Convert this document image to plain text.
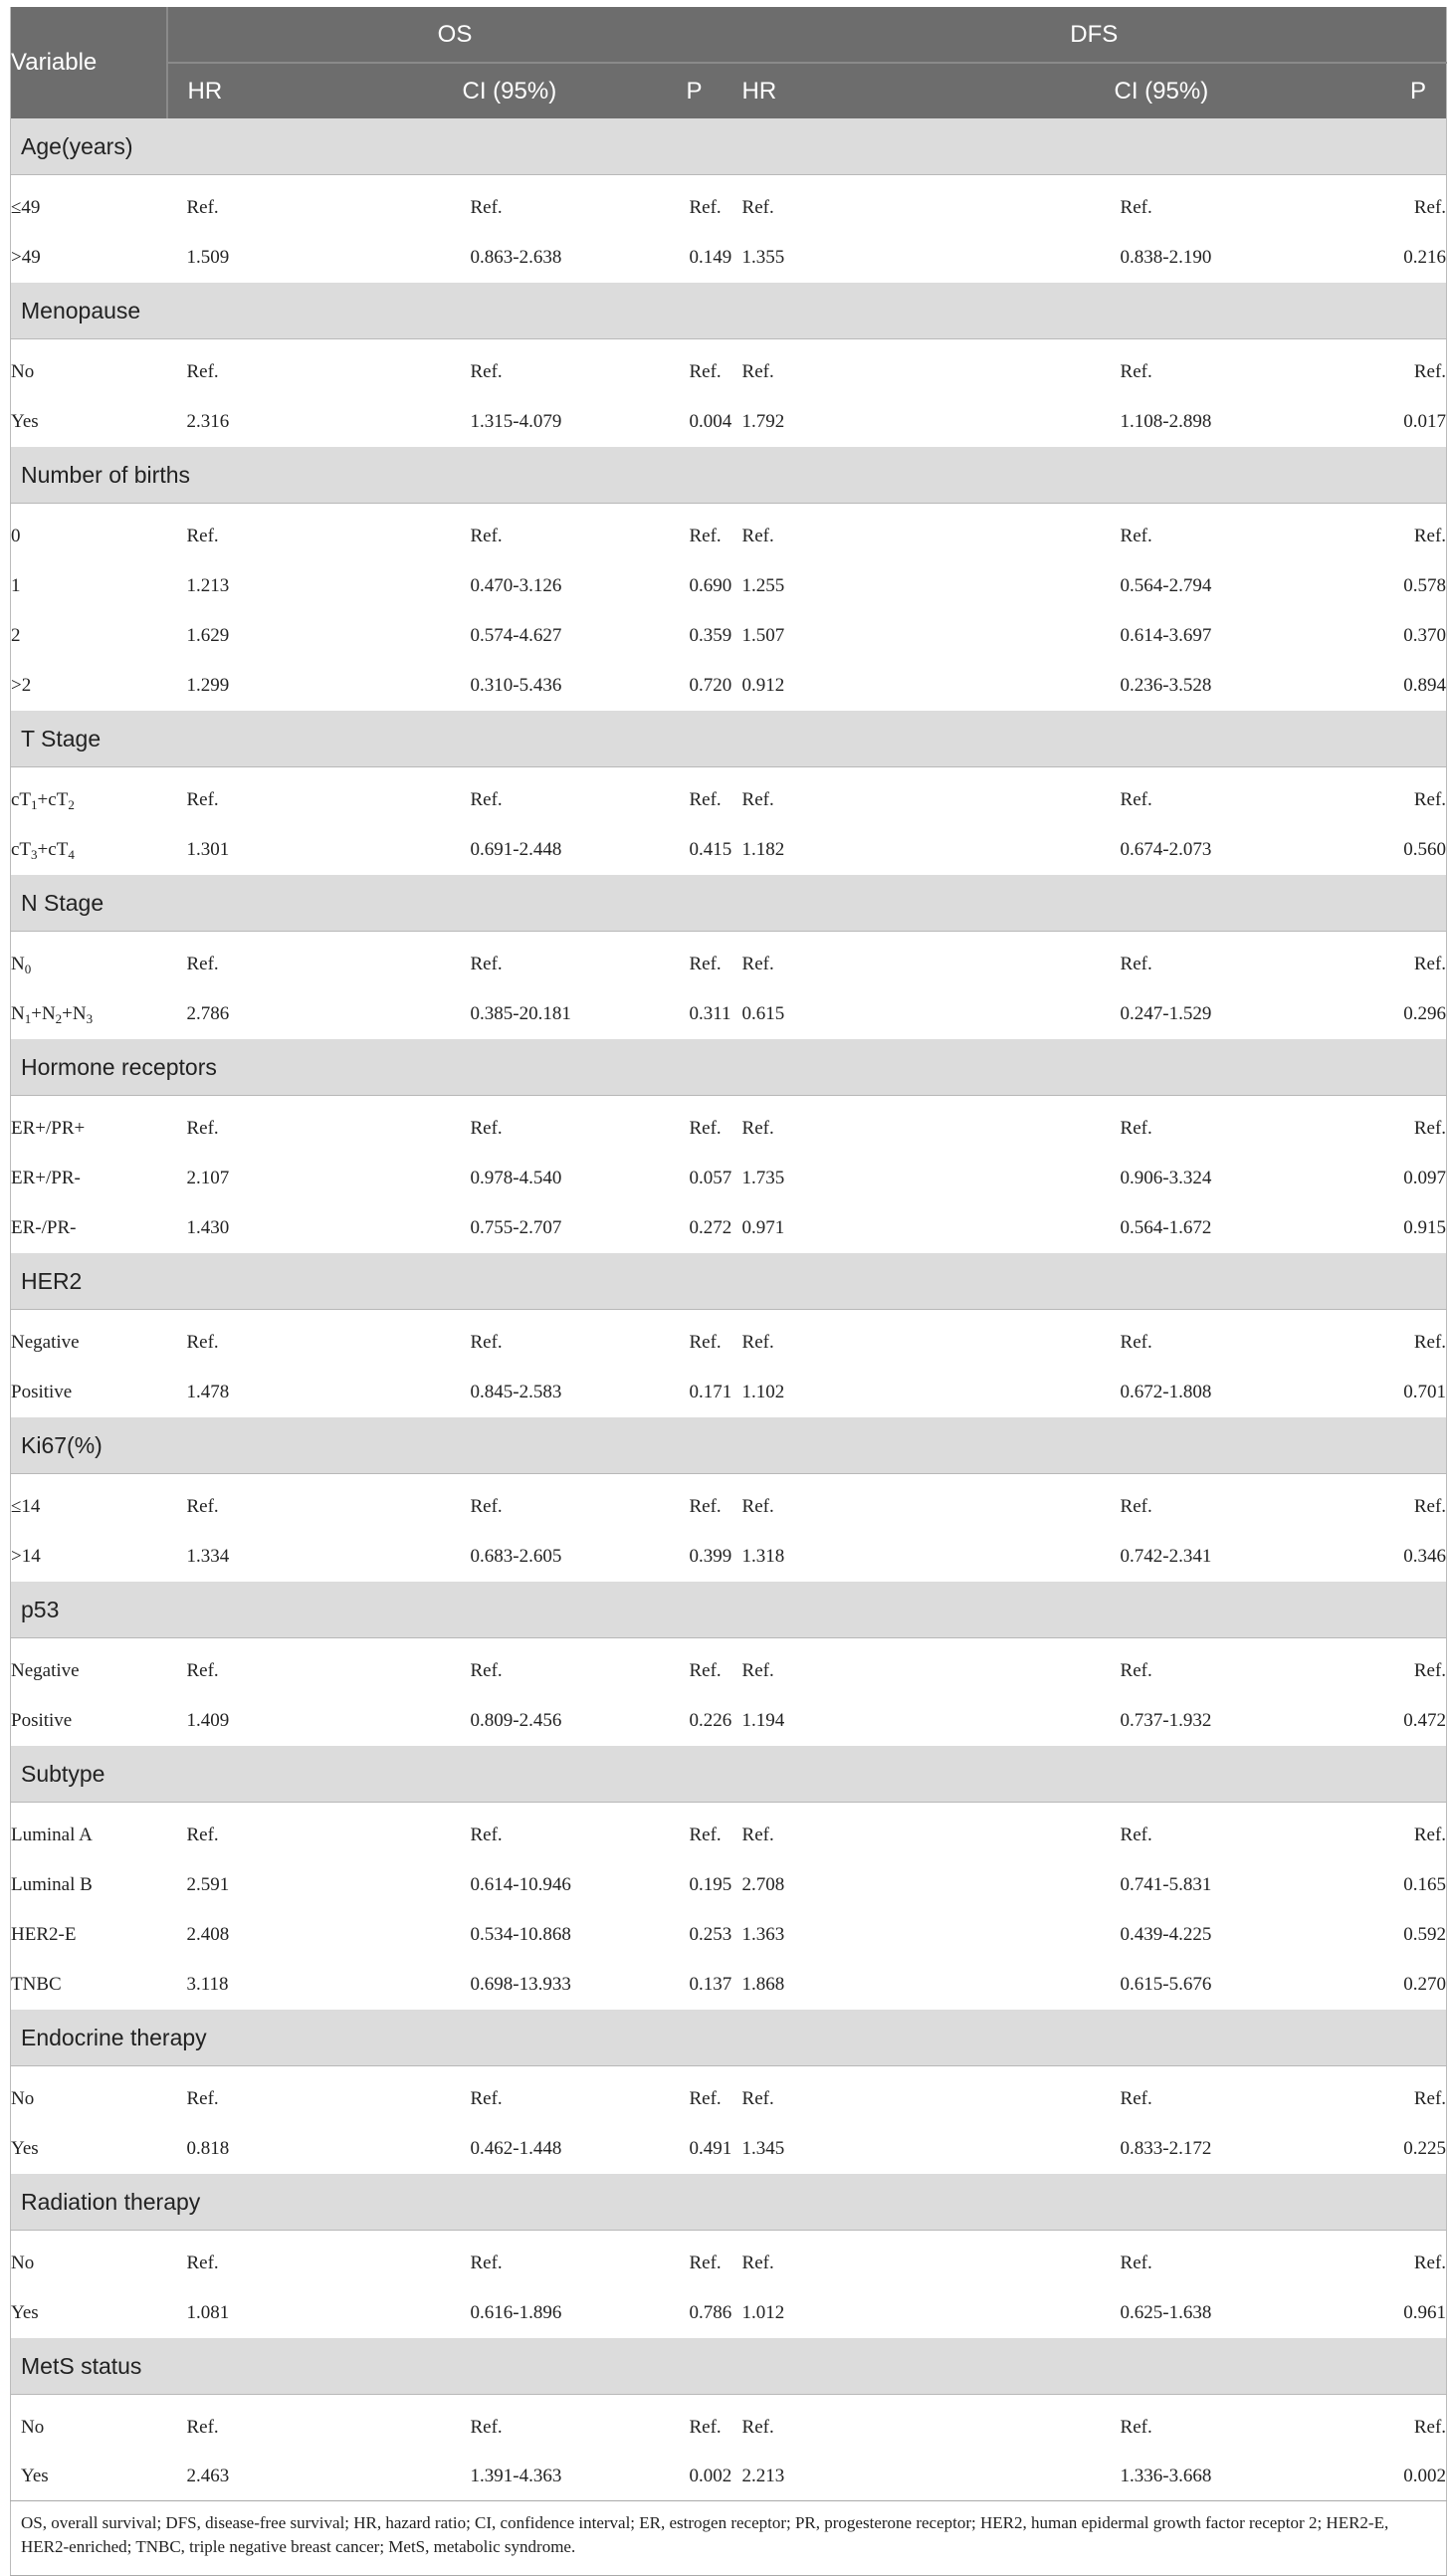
Variable	OS			DFS		
	HR	CI (95%)	P	HR	CI (95%)	P
Age(years)						

≤49	Ref.	Ref.	Ref.	Ref.	Ref.	Ref.
>49	1.509	0.863-2.638	0.149	1.355	0.838-2.190	0.216
Menopause						

No	Ref.	Ref.	Ref.	Ref.	Ref.	Ref.
Yes	2.316	1.315-4.079	0.004	1.792	1.108-2.898	0.017
Number of births						

0	Ref.	Ref.	Ref.	Ref.	Ref.	Ref.
1	1.213	0.470-3.126	0.690	1.255	0.564-2.794	0.578
2	1.629	0.574-4.627	0.359	1.507	0.614-3.697	0.370
>2	1.299	0.310-5.436	0.720	0.912	0.236-3.528	0.894
T Stage						

$cT_1+cT_2$	Ref.	Ref.	Ref.	Ref.	Ref.	Ref.
$cT_3+cT_4$	1.301	0.691-2.448	0.415	1.182	0.674-2.073	0.560
N Stage						

$N_0$	Ref.	Ref.	Ref.	Ref.	Ref.	Ref.
$N_1+N_2+N_3$	2.786	0.385-20.181	0.311	0.615	0.247-1.529	0.296
Hormone receptors						

ER+/PR+	Ref.	Ref.	Ref.	Ref.	Ref.	Ref.
ER+/PR-	2.107	0.978-4.540	0.057	1.735	0.906-3.324	0.097
ER-/PR-	1.430	0.755-2.707	0.272	0.971	0.564-1.672	0.915
HER2						

Negative	Ref.	Ref.	Ref.	Ref.	Ref.	Ref.
Positive	1.478	0.845-2.583	0.171	1.102	0.672-1.808	0.701
Ki67(%)						

≤14	Ref.	Ref.	Ref.	Ref.	Ref.	Ref.
>14	1.334	0.683-2.605	0.399	1.318	0.742-2.341	0.346
p53						

Negative	Ref.	Ref.	Ref.	Ref.	Ref.	Ref.
Positive	1.409	0.809-2.456	0.226	1.194	0.737-1.932	0.472
Subtype						

Luminal A	Ref.	Ref.	Ref.	Ref.	Ref.	Ref.
Luminal B	2.591	0.614-10.946	0.195	2.708	0.741-5.831	0.165
HER2-E	2.408	0.534-10.868	0.253	1.363	0.439-4.225	0.592
TNBC	3.118	0.698-13.933	0.137	1.868	0.615-5.676	0.270
Endocrine therapy						

No	Ref.	Ref.	Ref.	Ref.	Ref.	Ref.
Yes	0.818	0.462-1.448	0.491	1.345	0.833-2.172	0.225
Radiation therapy						

No	Ref.	Ref.	Ref.	Ref.	Ref.	Ref.
Yes	1.081	0.616-1.896	0.786	1.012	0.625-1.638	0.961
MetS status						

No	Ref.	Ref.	Ref.	Ref.	Ref.	Ref.
Yes	2.463	1.391-4.363	0.002	2.213	1.336-3.668	0.002
OS, overall survival; DFS, disease-free survival; HR, hazard ratio; CI, confidence interval; ER, estrogen receptor; PR, progesterone receptor; HER2, human epidermal growth factor receptor 2; HER2-E, HER2-enriched; TNBC, triple negative breast cancer; MetS, metabolic syndrome.						
